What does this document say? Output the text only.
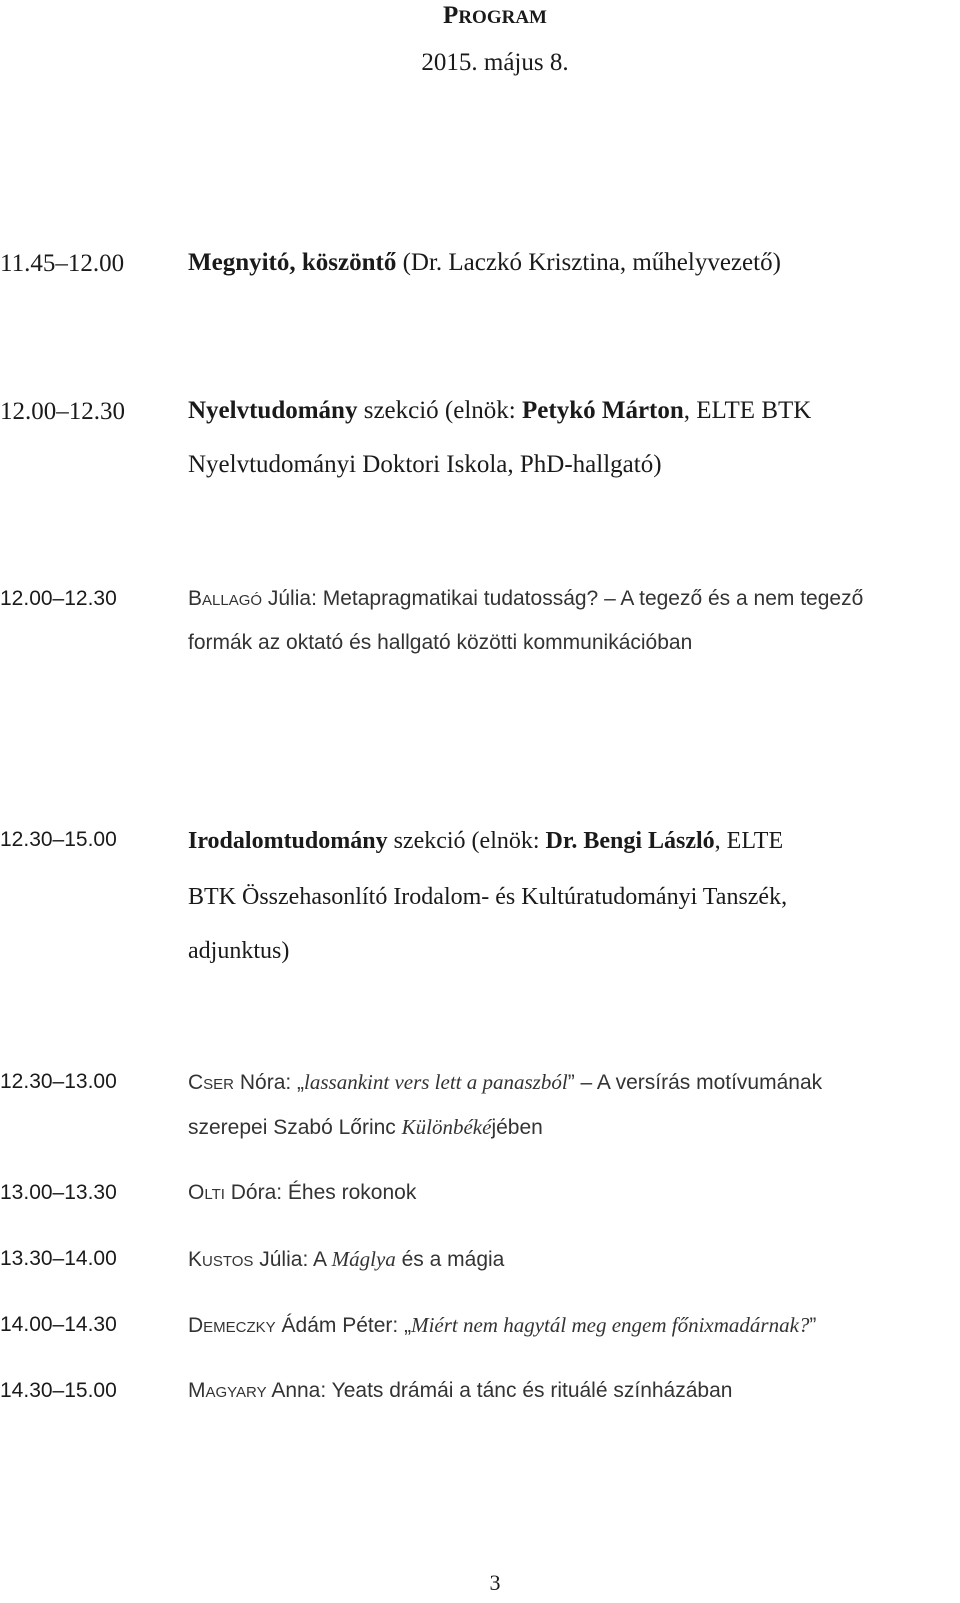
PROGRAM
2015. május 8.
11.45–12.00	Megnyitó, köszöntő (Dr. Laczkó Krisztina, műhelyvezető)
12.00–12.30	Nyelvtudomány szekció (elnök: Petykó Márton, ELTE BTK
Nyelvtudományi Doktori Iskola, PhD-hallgató)
12.00–12.30	Ballagó Júlia: Metapragmatikai tudatosság? – A tegező és a nem tegező
formák az oktató és hallgató közötti kommunikációban
12.30–15.00	Irodalomtudomány szekció (elnök: Dr. Bengi László, ELTE
BTK Összehasonlító Irodalom- és Kultúratudományi Tanszék,
adjunktus)
12.30–13.00	Cser Nóra: „lassankint vers lett a panaszból” – A versírás motívumának
szerepei Szabó Lőrinc Különbékéjében
13.00–13.30	Olti Dóra: Éhes rokonok
13.30–14.00	Kustos Júlia: A Máglya és a mágia
14.00–14.30	Demeczky Ádám Péter: „Miért nem hagytál meg engem főnixmadárnak?”
14.30–15.00	Magyary Anna: Yeats drámái a tánc és rituálé színházában
3
